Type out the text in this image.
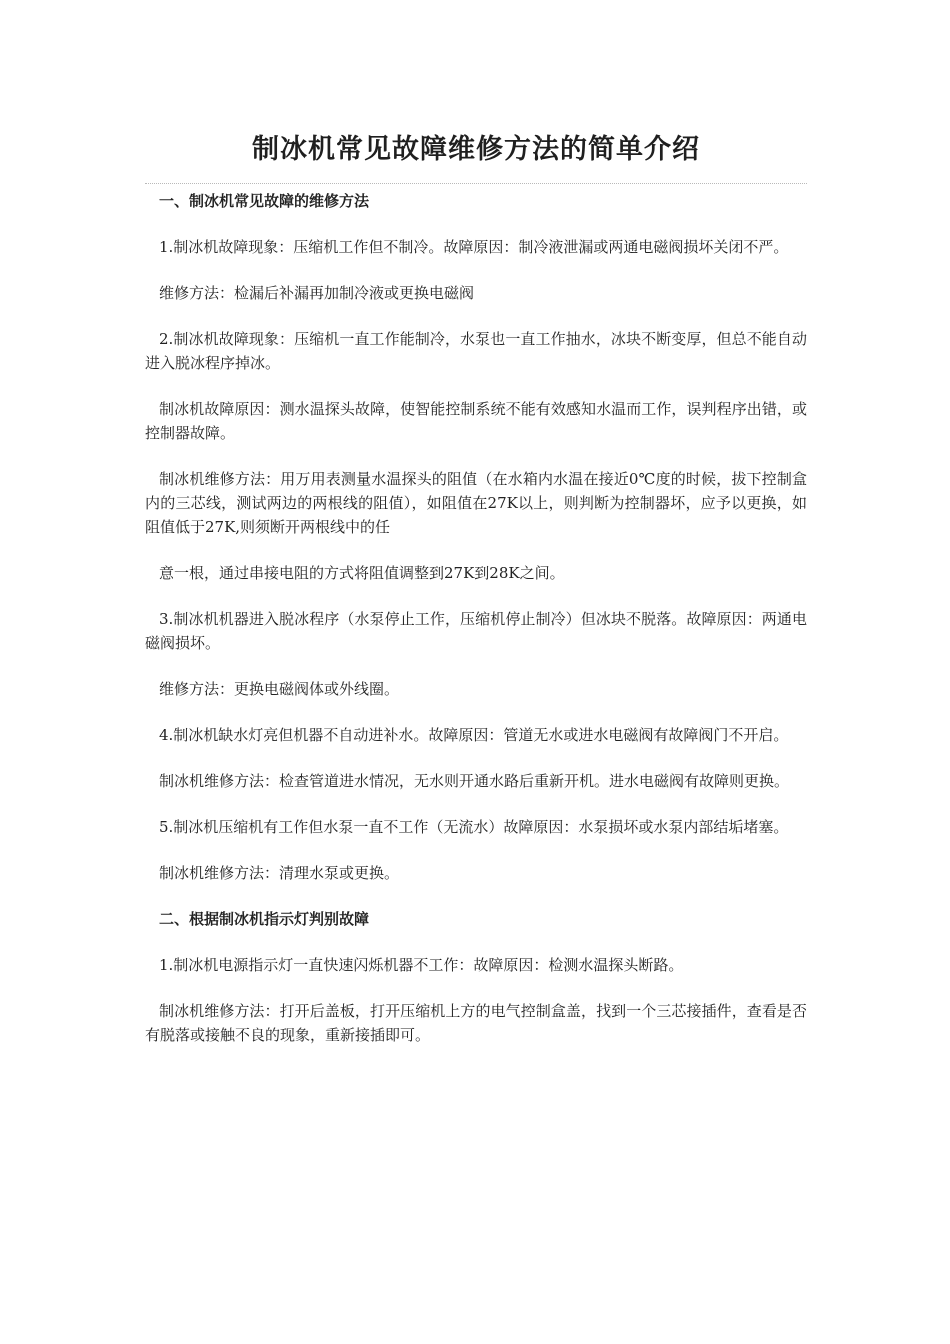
制冰机常见故障维修方法的简单介绍

一、制冰机常见故障的维修方法

1.制冰机故障现象：压缩机工作但不制冷。故障原因：制冷液泄漏或两通电磁阀损坏关闭不严。

维修方法：检漏后补漏再加制冷液或更换电磁阀

2.制冰机故障现象：压缩机一直工作能制冷，水泵也一直工作抽水，冰块不断变厚，但总不能自动进入脱冰程序掉冰。

制冰机故障原因：测水温探头故障，使智能控制系统不能有效感知水温而工作，误判程序出错，或控制器故障。

制冰机维修方法：用万用表测量水温探头的阻值（在水箱内水温在接近0℃度的时候，拔下控制盒内的三芯线，测试两边的两根线的阻值），如阻值在27K以上，则判断为控制器坏，应予以更换，如阻值低于27K,则须断开两根线中的任

意一根，通过串接电阻的方式将阻值调整到27K到28K之间。

3.制冰机机器进入脱冰程序（水泵停止工作，压缩机停止制冷）但冰块不脱落。故障原因：两通电磁阀损坏。

维修方法：更换电磁阀体或外线圈。

4.制冰机缺水灯亮但机器不自动进补水。故障原因：管道无水或进水电磁阀有故障阀门不开启。

制冰机维修方法：检查管道进水情况，无水则开通水路后重新开机。进水电磁阀有故障则更换。

5.制冰机压缩机有工作但水泵一直不工作（无流水）故障原因：水泵损坏或水泵内部结垢堵塞。

制冰机维修方法：清理水泵或更换。

二、根据制冰机指示灯判别故障

1.制冰机电源指示灯一直快速闪烁机器不工作：故障原因：检测水温探头断路。

制冰机维修方法：打开后盖板，打开压缩机上方的电气控制盒盖，找到一个三芯接插件，查看是否有脱落或接触不良的现象，重新接插即可。
